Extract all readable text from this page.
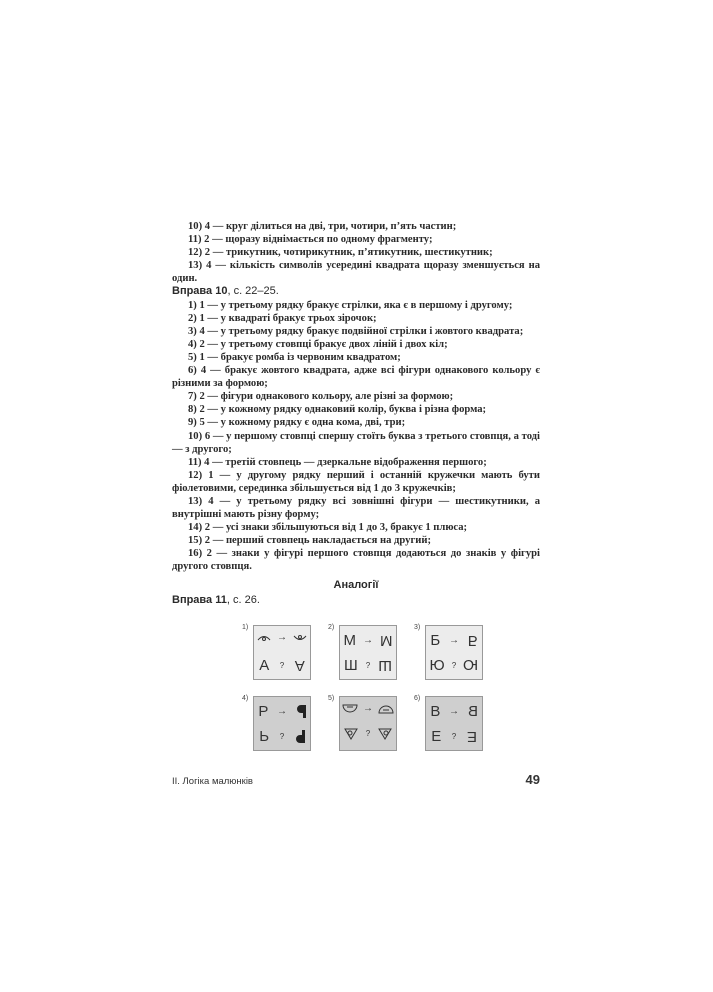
10) 4 — круг ділиться на дві, три, чотири, п’ять частин;

11) 2 — щоразу віднімається по одному фрагменту;

12) 2 — трикутник, чотирикутник, п’ятикутник, шестикутник;

13) 4 — кількість символів усередині квадрата щоразу зменшується на один.

Вправа 10, с. 22–25.

1) 1 — у третьому рядку бракує стрілки, яка є в першому і другому;

2) 1 — у квадраті бракує трьох зірочок;

3) 4 — у третьому рядку бракує подвійної стрілки і жовтого квадрата;

4) 2 — у третьому стовпці бракує двох ліній і двох кіл;

5) 1 — бракує ромба із червоним квадратом;

6) 4 — бракує жовтого квадрата, адже всі фігури однакового кольору є різними за формою;

7) 2 — фігури однакового кольору, але різні за формою;

8) 2 — у кожному рядку однаковий колір, буква і різна форма;

9) 5 — у кожному рядку є одна кома, дві, три;

10) 6 — у першому стовпці спершу стоїть буква з третього стовпця, а тоді — з другого;

11) 4 — третій стовпець — дзеркальне відображення першого;

12) 1 — у другому рядку перший і останній кружечки мають бути фіолетовими, серединка збільшується від 1 до 3 кружечків;

13) 4 — у третьому рядку всі зовнішні фігури — шестикутники, а внутрішні мають різну форму;

14) 2 — усі знаки збільшуються від 1 до 3, бракує 1 плюса;

15) 2 — перший стовпець накладається на другий;

16) 2 — знаки у фігурі першого стовпця додаються до знаків у фігурі другого стовпця.

Аналогії

Вправа 11, с. 26.

1)
→
А ? А
2)
М → М
Ш ? Ш
3)
Б → Б
Ю ? Ю
4)
Р →
Ь ?
5)
→
?
6)
В → В
Е ? Е
ІІ. Логіка малюнків	49
